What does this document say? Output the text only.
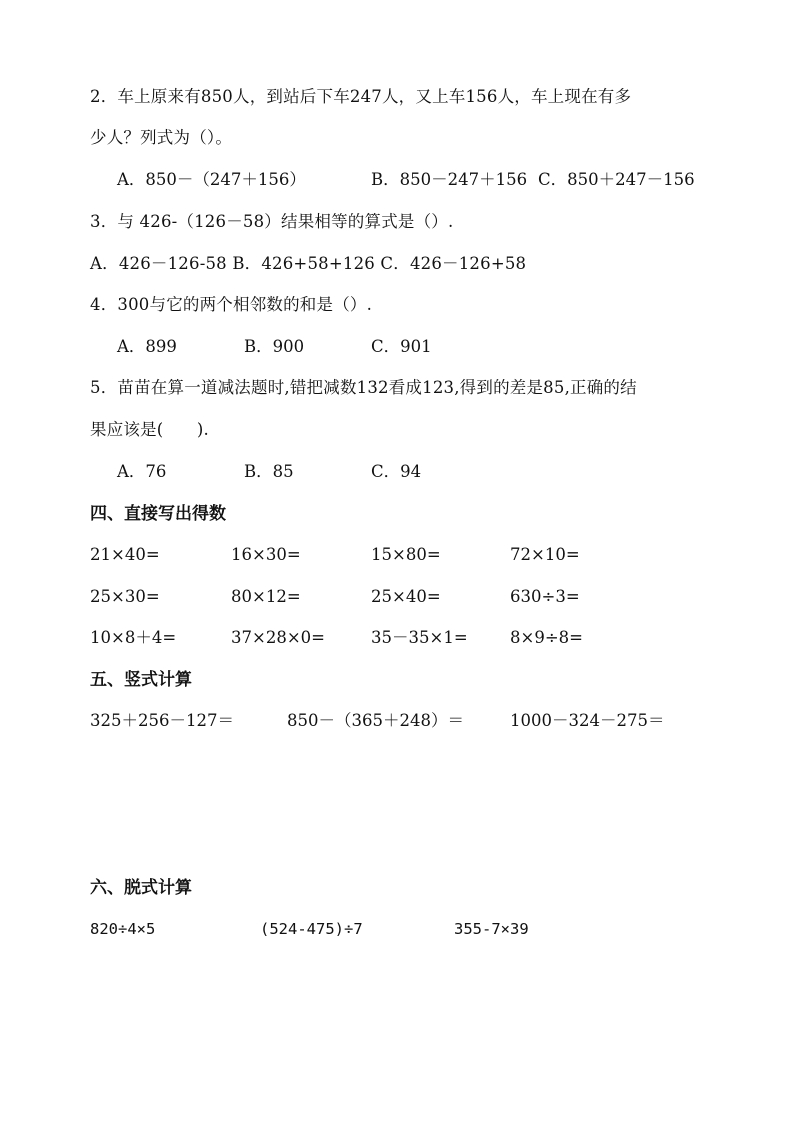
2．车上原来有850人，到站后下车247人，又上车156人，车上现在有多
少人？列式为（）。
A．850－（247＋156）	B．850－247＋156 C．850＋247－156
3．与 426-（126－58）结果相等的算式是（）.
A．426－126-58 B．426+58+126 C．426－126+58
4．300与它的两个相邻数的和是（）.
A．899	B．900	C．901
5．苗苗在算一道减法题时,错把减数132看成123,得到的差是85,正确的结
果应该是(　　).
A．76	B．85	C．94
四、直接写出得数
21×40=	16×30=	15×80=	72×10=
25×30=	80×12=	25×40=	630÷3=
10×8＋4=	37×28×0=	35－35×1=	8×9÷8=
五、竖式计算
325＋256－127＝	850－（365＋248）＝	1000－324－275＝
六、脱式计算
820÷4×5	(524-475)÷7	355-7×39
